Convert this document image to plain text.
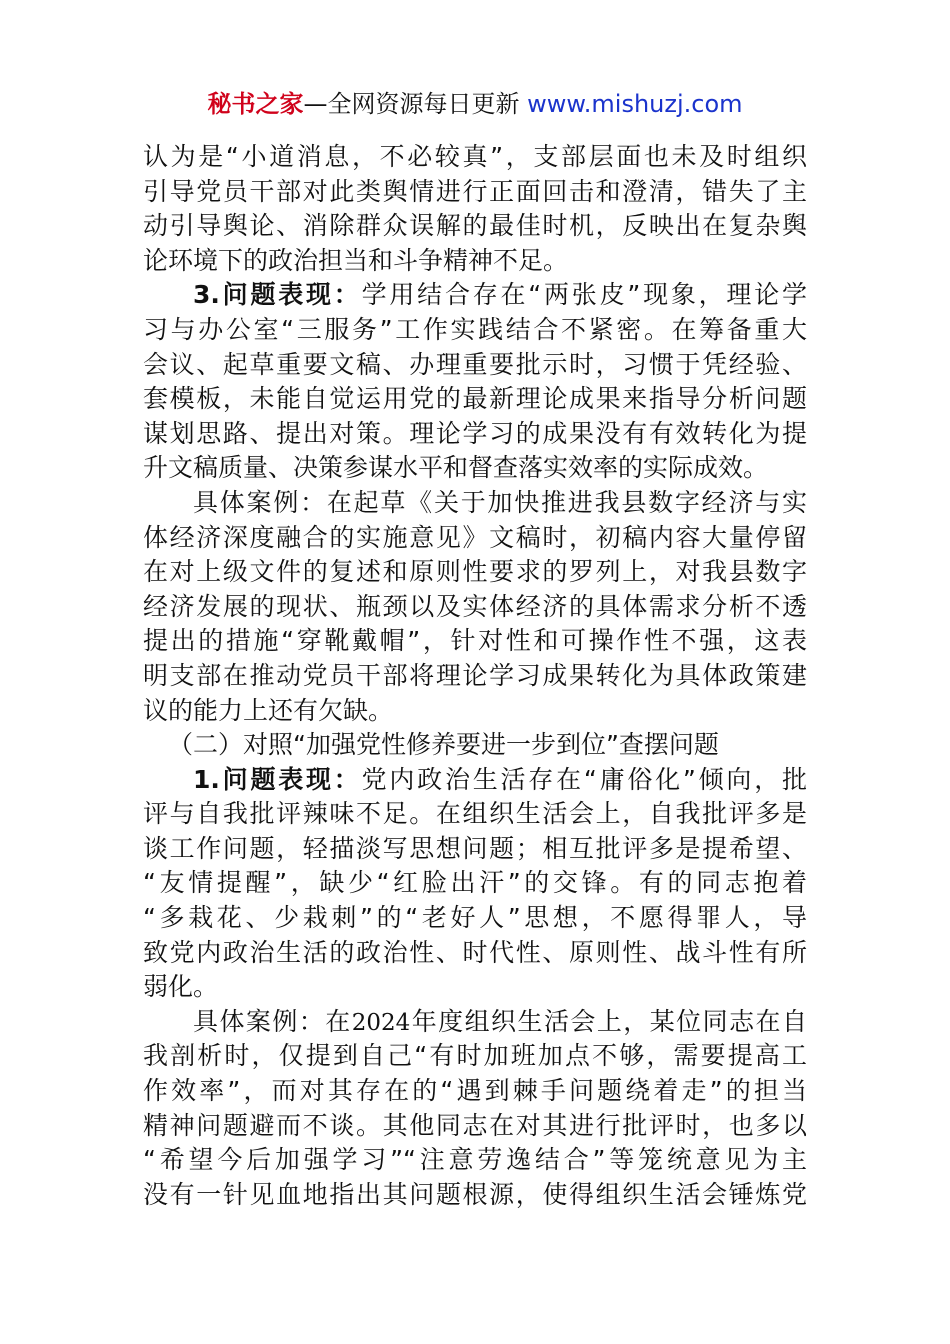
秘书之家—全网资源每日更新 www.mishuzj.com
认为是“小道消息，不必较真”，支部层面也未及时组织
引导党员干部对此类舆情进行正面回击和澄清，错失了主
动引导舆论、消除群众误解的最佳时机，反映出在复杂舆
论环境下的政治担当和斗争精神不足。
3.问题表现：学用结合存在“两张皮”现象，理论学
习与办公室“三服务”工作实践结合不紧密。在筹备重大
会议、起草重要文稿、办理重要批示时，习惯于凭经验、
套模板，未能自觉运用党的最新理论成果来指导分析问题
谋划思路、提出对策。理论学习的成果没有有效转化为提
升文稿质量、决策参谋水平和督查落实效率的实际成效。
具体案例：在起草《关于加快推进我县数字经济与实
体经济深度融合的实施意见》文稿时，初稿内容大量停留
在对上级文件的复述和原则性要求的罗列上，对我县数字
经济发展的现状、瓶颈以及实体经济的具体需求分析不透
提出的措施“穿靴戴帽”，针对性和可操作性不强，这表
明支部在推动党员干部将理论学习成果转化为具体政策建
议的能力上还有欠缺。
（二）对照“加强党性修养要进一步到位”查摆问题
1.问题表现：党内政治生活存在“庸俗化”倾向，批
评与自我批评辣味不足。在组织生活会上，自我批评多是
谈工作问题，轻描淡写思想问题；相互批评多是提希望、
“友情提醒”，缺少“红脸出汗”的交锋。有的同志抱着
“多栽花、少栽刺”的“老好人”思想，不愿得罪人，导
致党内政治生活的政治性、时代性、原则性、战斗性有所
弱化。
具体案例：在2024年度组织生活会上，某位同志在自
我剖析时，仅提到自己“有时加班加点不够，需要提高工
作效率”，而对其存在的“遇到棘手问题绕着走”的担当
精神问题避而不谈。其他同志在对其进行批评时，也多以
“希望今后加强学习”“注意劳逸结合”等笼统意见为主
没有一针见血地指出其问题根源，使得组织生活会锤炼党
